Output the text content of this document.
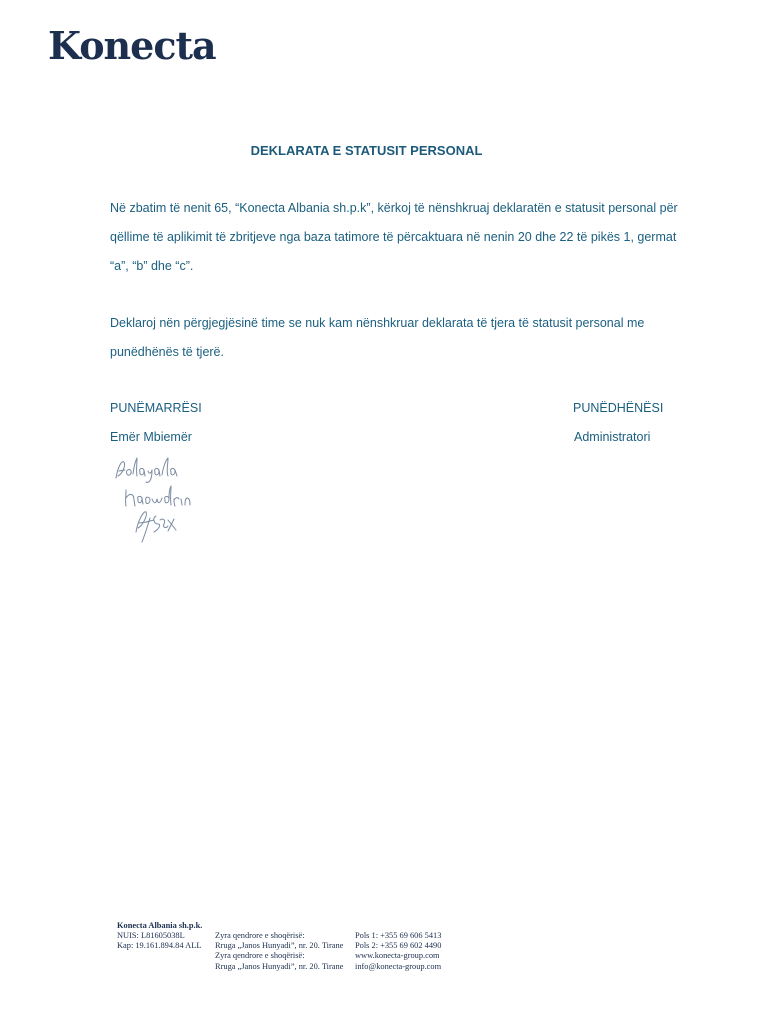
Konecta
DEKLARATA E STATUSIT PERSONAL

Në zbatim të nenit 65, “Konecta Albania sh.p.k”, kërkoj të nënshkruaj deklaratën e statusit personal për qëllime të aplikimit të zbritjeve nga baza tatimore të përcaktuara në nenin 20 dhe 22 të pikës 1, germat “a”, “b” dhe “c”.

Deklaroj nën përgjegjësinë time se nuk kam nënshkruar deklarata të tjera të statusit personal me punëdhënës të tjerë.

PUNËMARRËSI
Emër Mbiemër
PUNËDHËNËSI
Administratori
Konecta Albania sh.p.k.
NUIS: L81605038L
Kap: 19.161.894.84 ALL
Zyra qendrore e shoqërisë:
Rruga „Janos Hunyadi”, nr. 20. Tirane
Zyra qendrore e shoqërisë:
Rruga „Janos Hunyadi”, nr. 20. Tirane
Pols 1: +355 69 606 5413
Pols 2: +355 69 602 4490
www.konecta-group.com
info@konecta-group.com
